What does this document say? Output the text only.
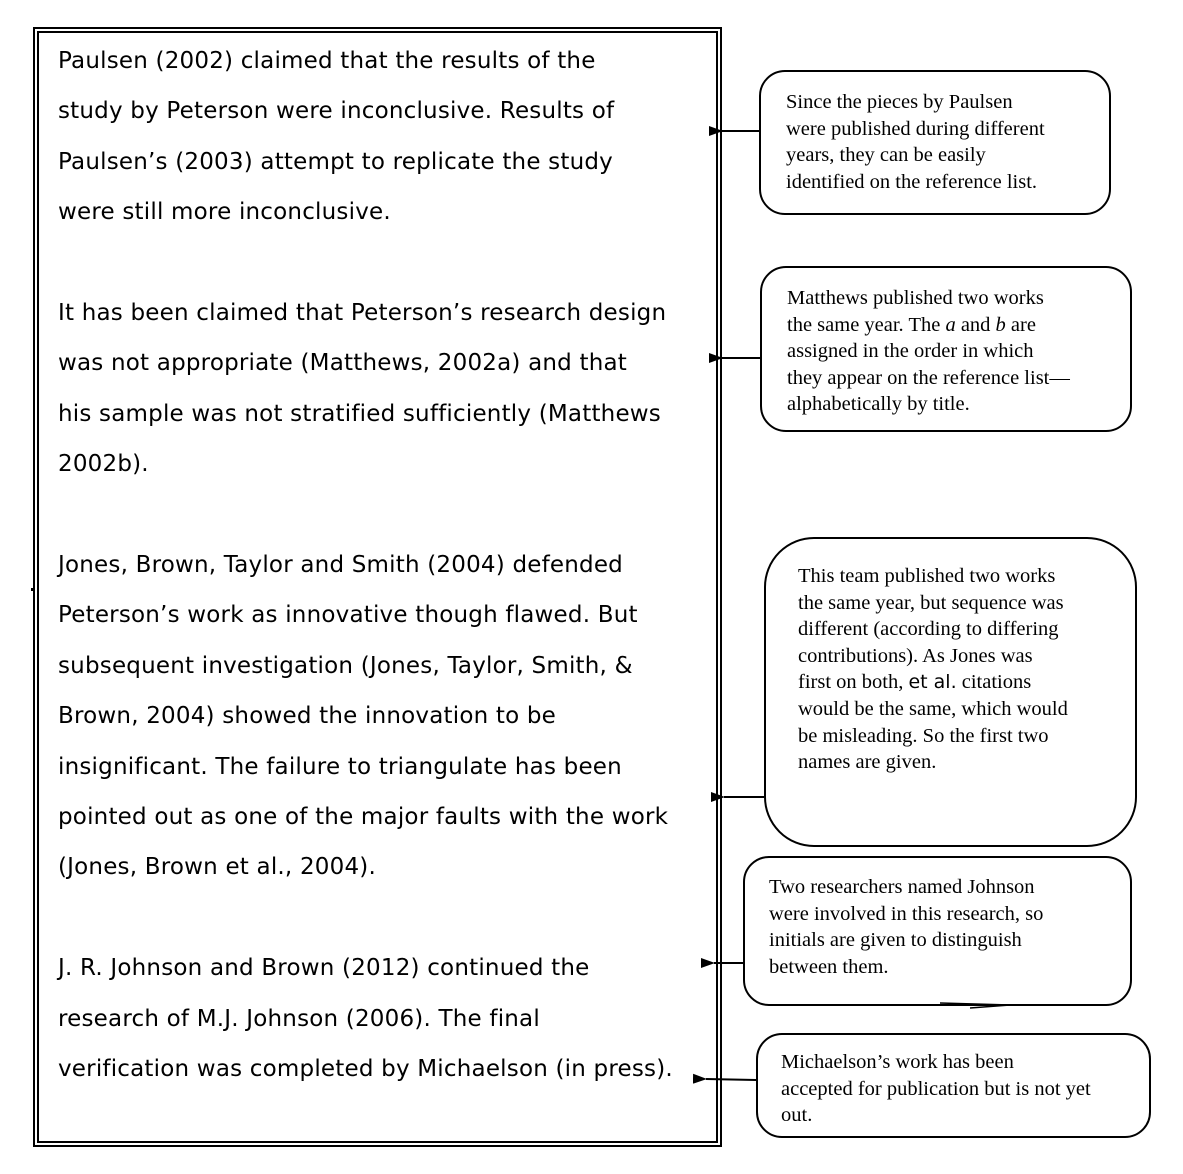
Paulsen (2002) claimed that the results of the
study by Peterson were inconclusive. Results of
Paulsen’s (2003) attempt to replicate the study
were still more inconclusive.
It has been claimed that Peterson’s research design
was not appropriate (Matthews, 2002a) and that
his sample was not stratified sufficiently (Matthews
2002b).
Jones, Brown, Taylor and Smith (2004) defended
Peterson’s work as innovative though flawed. But
subsequent investigation (Jones, Taylor, Smith, &
Brown, 2004) showed the innovation to be
insignificant. The failure to triangulate has been
pointed out as one of the major faults with the work
(Jones, Brown et al., 2004).
J. R. Johnson and Brown (2012) continued the
research of M.J. Johnson (2006). The final
verification was completed by Michaelson (in press).
Since the pieces by Paulsen
were published during different
years, they can be easily
identified on the reference list.
Matthews published two works
the same year. The a and b are
assigned in the order in which
they appear on the reference list—
alphabetically by title.
This team published two works
the same year, but sequence was
different (according to differing
contributions). As Jones was
first on both, et al. citations
would be the same, which would
be misleading. So the first two
names are given.
Two researchers named Johnson
were involved in this research, so
initials are given to distinguish
between them.
Michaelson’s work has been
accepted for publication but is not yet
out.
